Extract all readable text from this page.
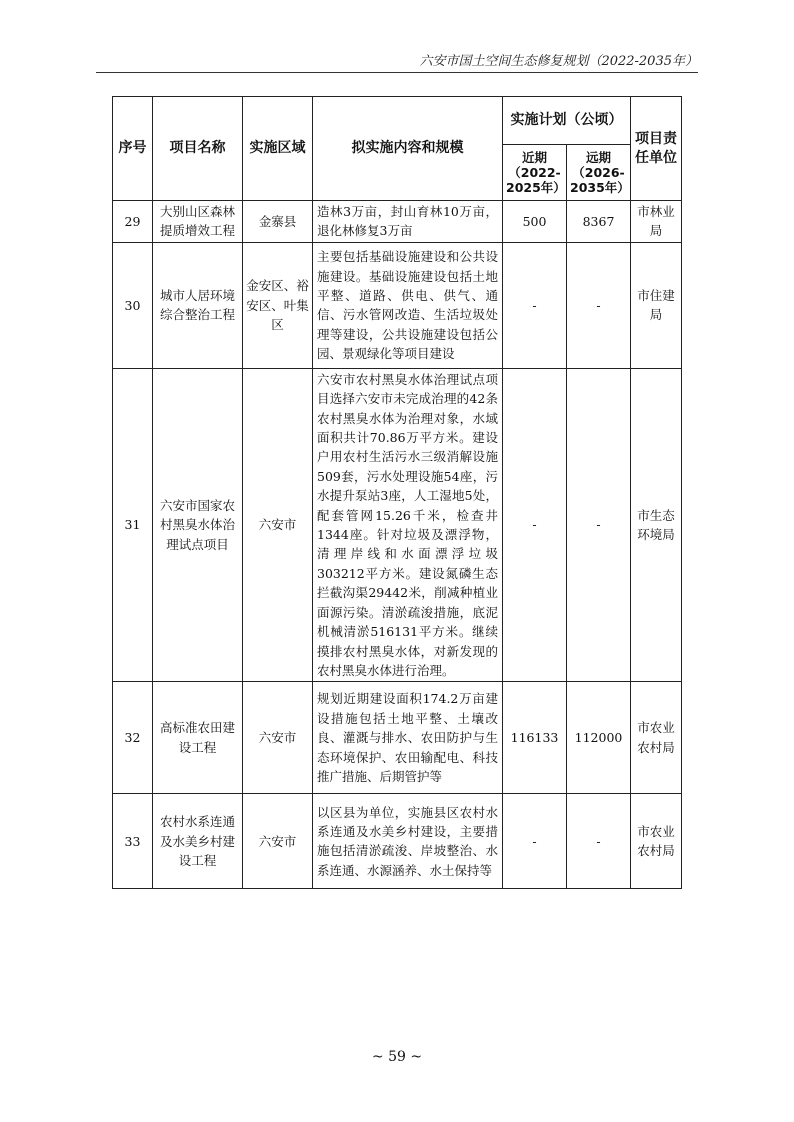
六安市国土空间生态修复规划（2022-2035年）
序号	项目名称	实施区域	拟实施内容和规模	实施计划（公顷）		项目责任单位
				近期（2022-2025年）	远期（2026-2035年）	
29	大别山区森林提质增效工程	金寨县	造林3万亩，封山育林10万亩，退化林修复3万亩	500	8367	市林业局
30	城市人居环境综合整治工程	金安区、裕安区、叶集区	主要包括基础设施建设和公共设施建设。基础设施建设包括土地平整、道路、供电、供气、通信、污水管网改造、生活垃圾处理等建设，公共设施建设包括公园、景观绿化等项目建设	-	-	市住建局
31	六安市国家农村黑臭水体治理试点项目	六安市	六安市农村黑臭水体治理试点项目选择六安市未完成治理的42条农村黑臭水体为治理对象，水域面积共计70.86万平方米。建设户用农村生活污水三级消解设施509套，污水处理设施54座，污水提升泵站3座，人工湿地5处，配套管网15.26千米，检查井1344座。针对垃圾及漂浮物，清理岸线和水面漂浮垃圾303212平方米。建设氮磷生态拦截沟渠29442米，削减种植业面源污染。清淤疏浚措施，底泥机械清淤516131平方米。继续摸排农村黑臭水体，对新发现的农村黑臭水体进行治理。	-	-	市生态环境局
32	高标准农田建设工程	六安市	规划近期建设面积174.2万亩建设措施包括土地平整、土壤改良、灌溉与排水、农田防护与生态环境保护、农田输配电、科技推广措施、后期管护等	116133	112000	市农业农村局
33	农村水系连通及水美乡村建设工程	六安市	以区县为单位，实施县区农村水系连通及水美乡村建设，主要措施包括清淤疏浚、岸坡整治、水系连通、水源涵养、水土保持等	-	-	市农业农村局
~ 59 ~
